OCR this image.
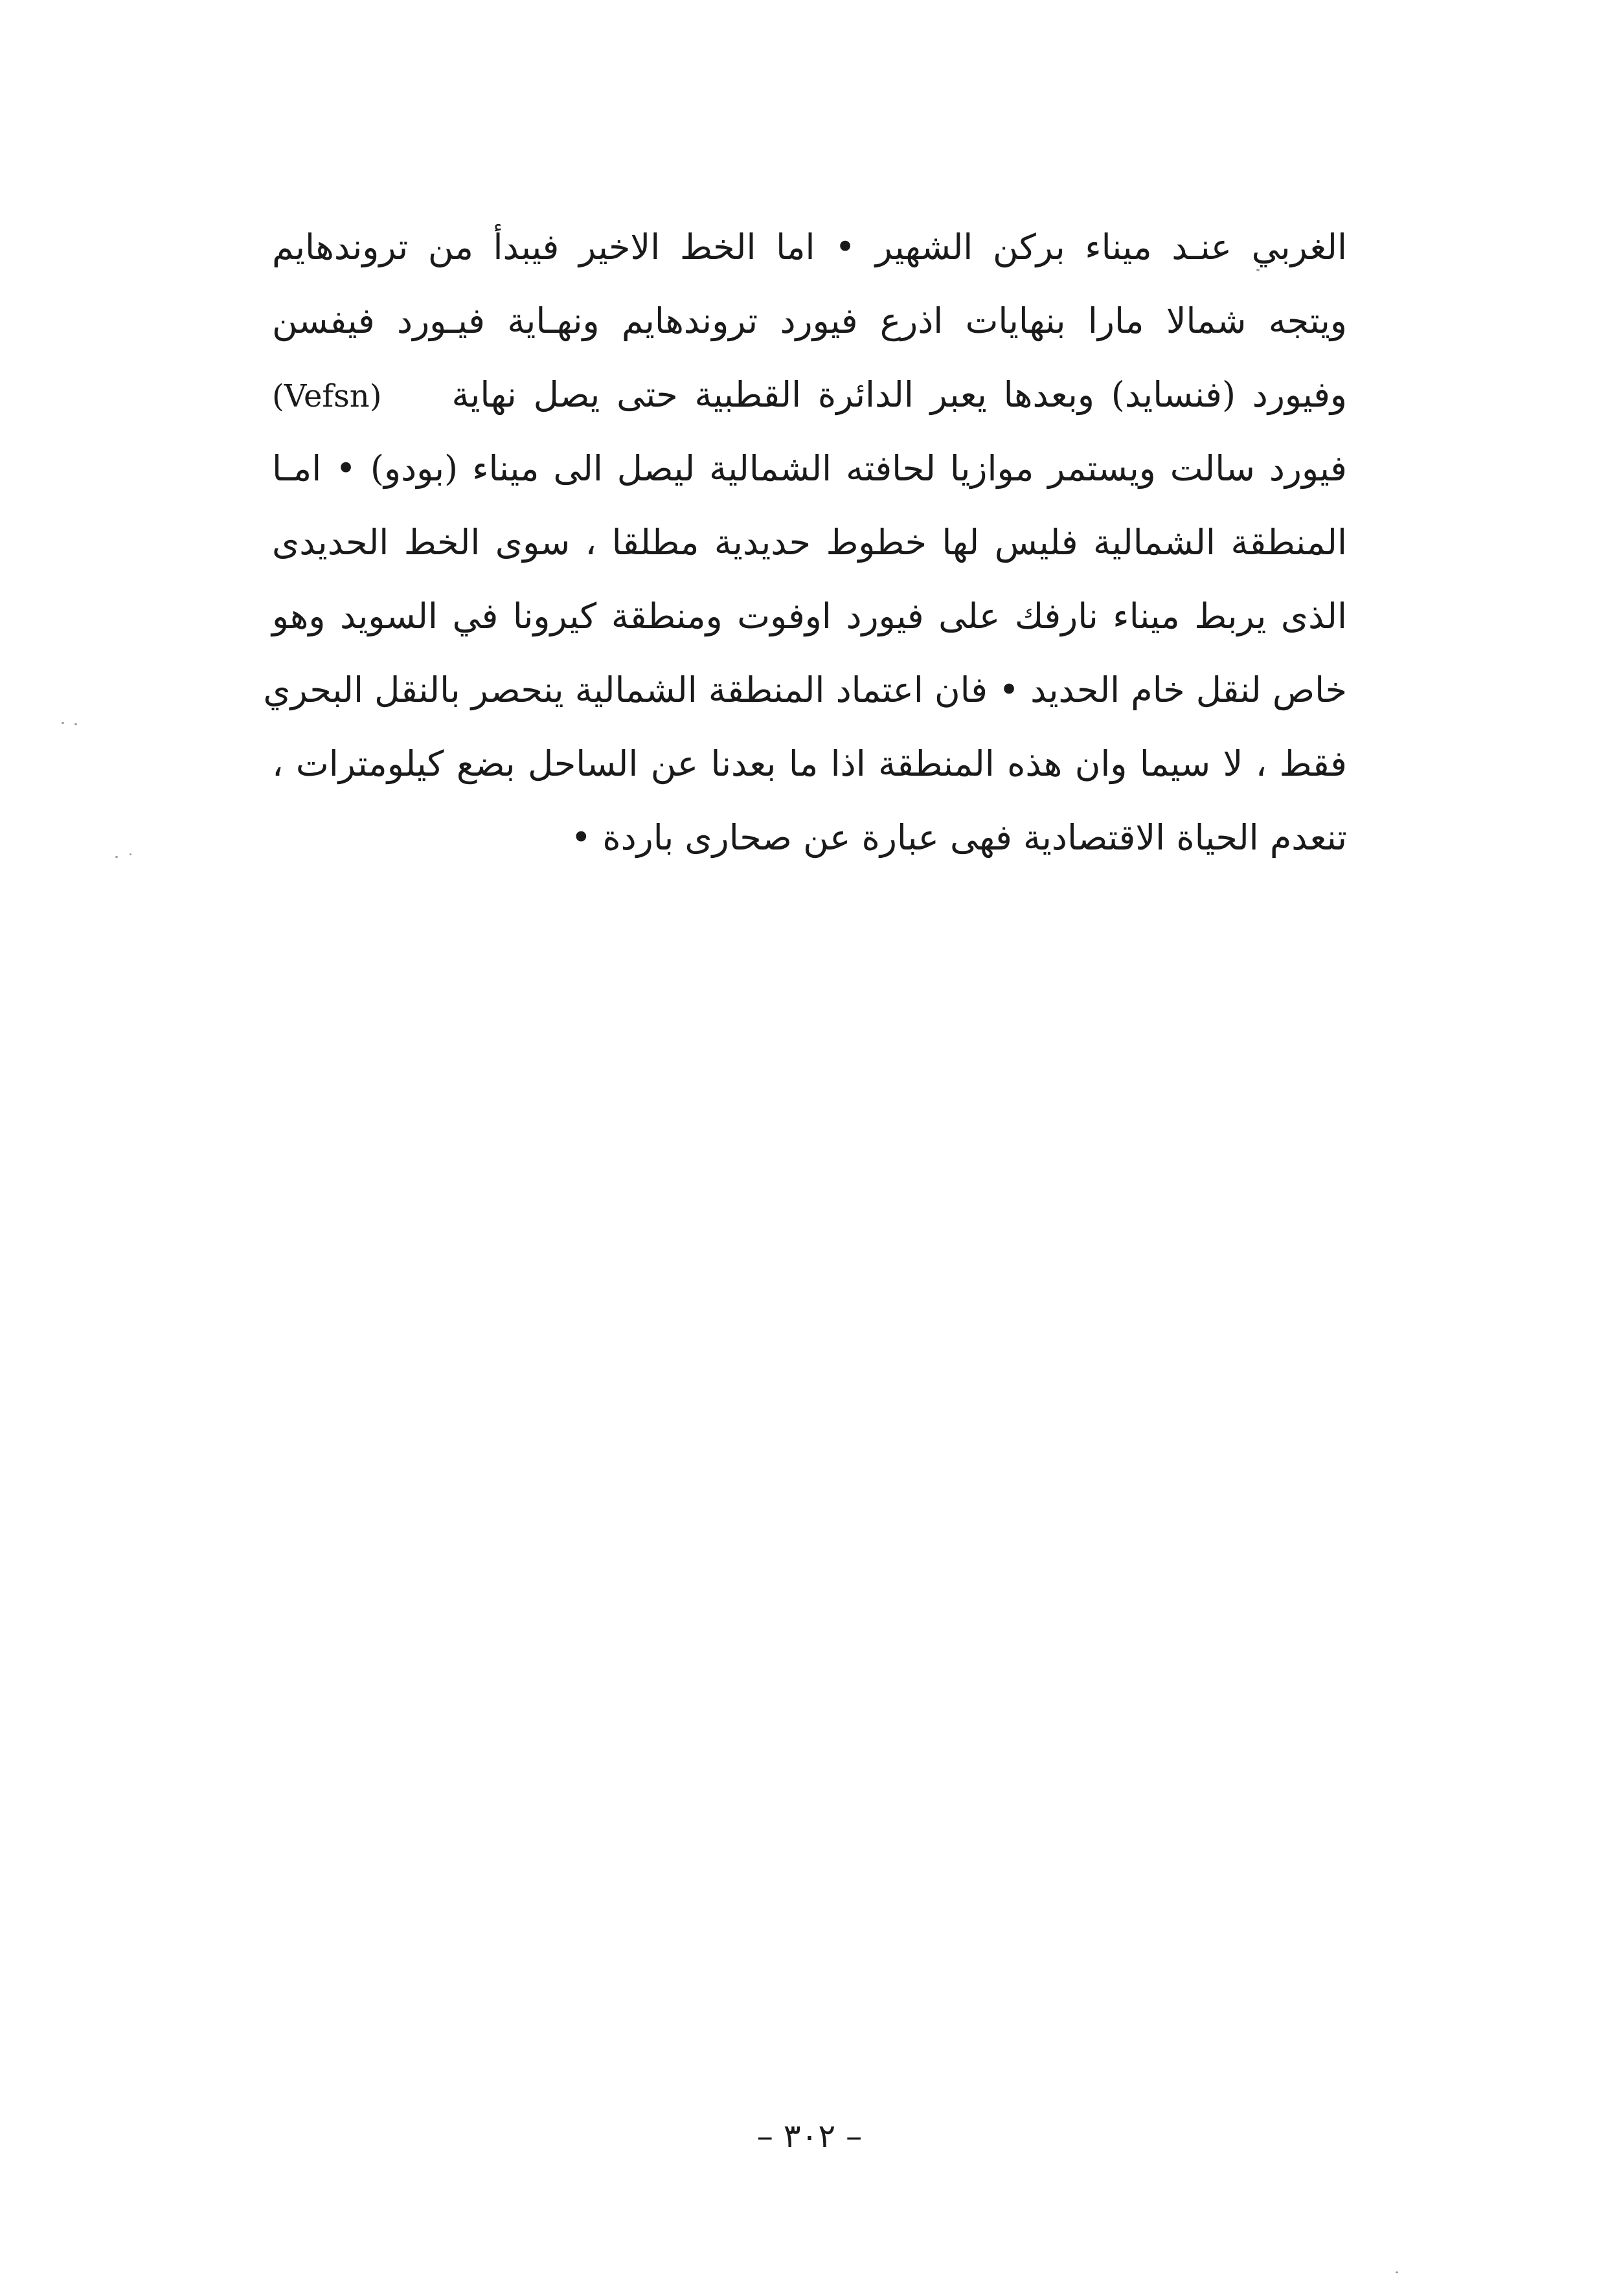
الغربي عنـد ميناء بركن الشهير • اما الخط الاخير فيبدأ من تروندهايم
ويتجه شمالا مارا بنهايات اذرع فيورد تروندهايم ونهـاية فيـورد فيفسن
وفيورد (فنسايد) وبعدها يعبر الدائرة القطبية حتى يصل نهاية  (Vefsn)
فيورد سالت ويستمر موازيا لحافته الشمالية ليصل الى ميناء (بودو) • امـا
المنطقة الشمالية فليس لها خطوط حديدية مطلقا ، سوى الخط الحديدى
الذى يربط ميناء نارفك على فيورد اوفوت ومنطقة كيرونا في السويد وهو
خاص لنقل خام الحديد • فان اعتماد المنطقة الشمالية ينحصر بالنقل البحري
فقط ، لا سيما وان هذه المنطقة اذا ما بعدنا عن الساحل بضع كيلومترات ،
تنعدم الحياة الاقتصادية فهى عبارة عن صحارى باردة •
– ٣٠٢ –
